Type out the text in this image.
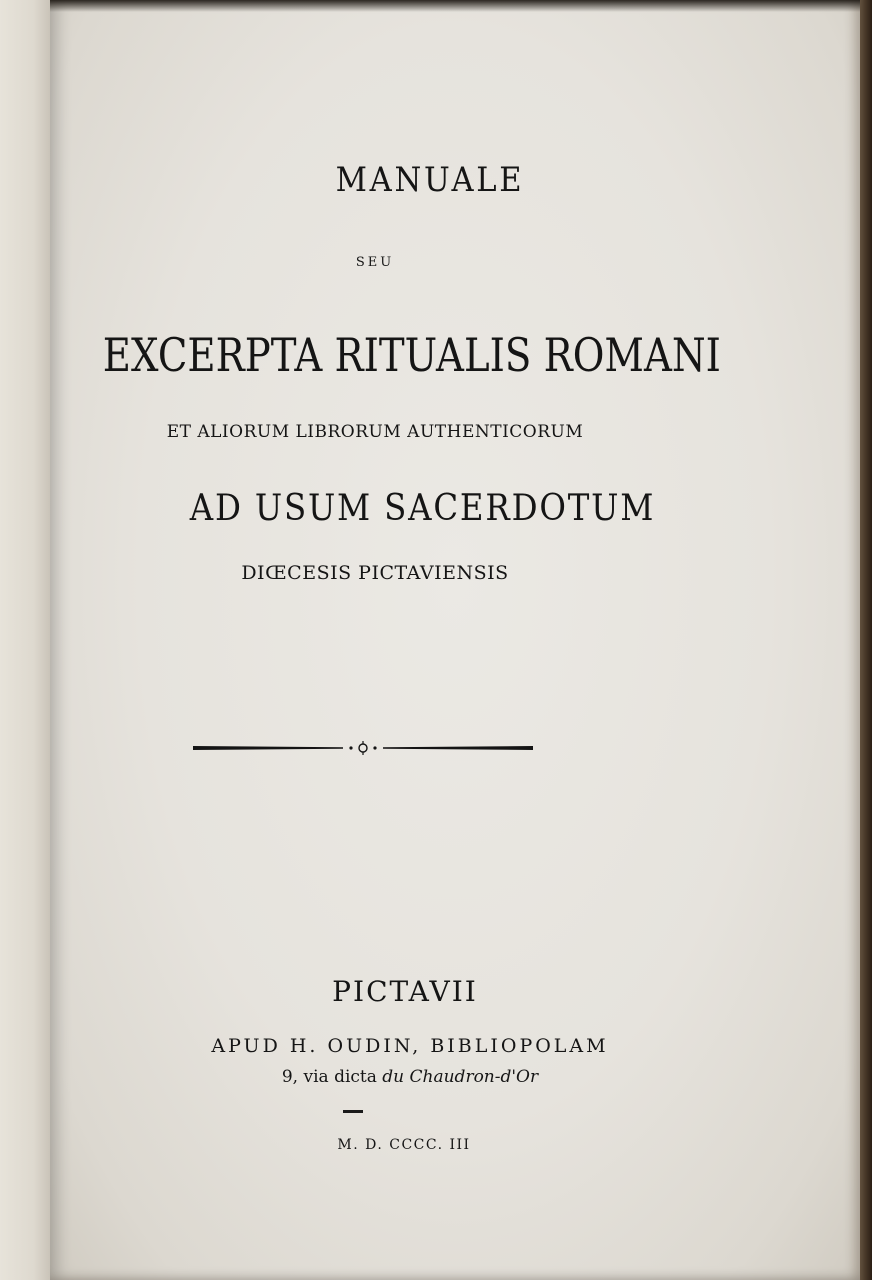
MANUALE
SEU
EXCERPTA RITUALIS ROMANI
ET ALIORUM LIBRORUM AUTHENTICORUM
AD USUM SACERDOTUM
DIŒCESIS PICTAVIENSIS
PICTAVII
APUD H. OUDIN, BIBLIOPOLAM
9, via dicta du Chaudron-d'Or
M. D. CCCC. III
